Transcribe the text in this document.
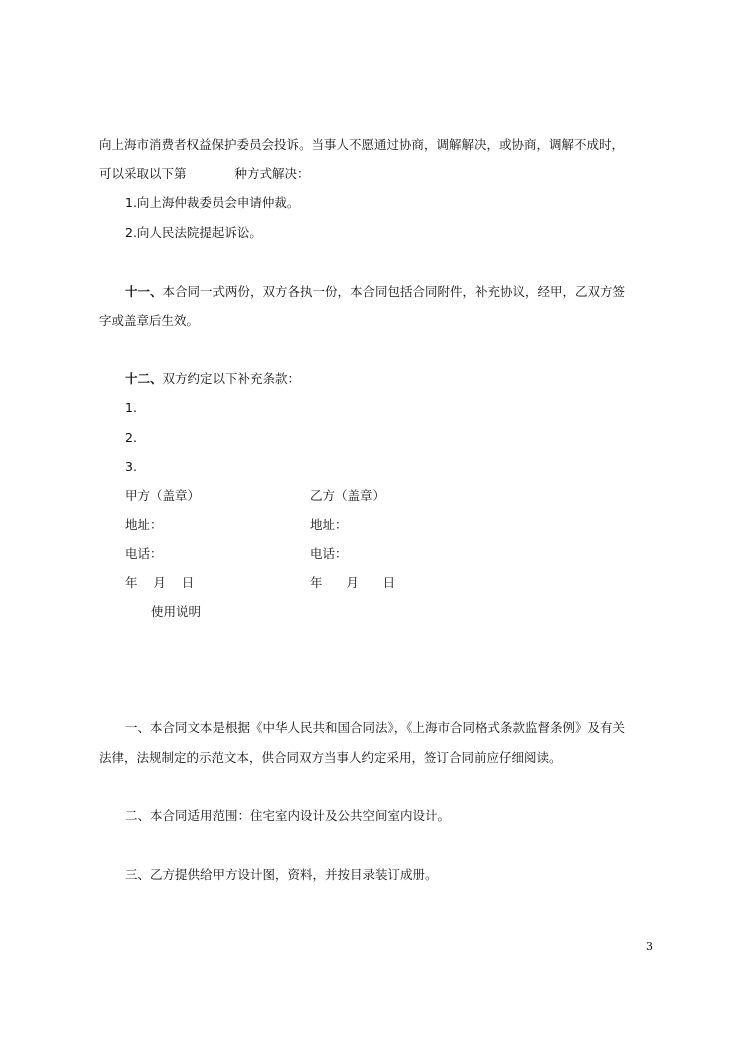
向上海市消费者权益保护委员会投诉。当事人不愿通过协商，调解解决，或协商，调解不成时，
可以采取以下第	种方式解决：
1.向上海仲裁委员会申请仲裁。
2.向人民法院提起诉讼。
十一、本合同一式两份，双方各执一份，本合同包括合同附件，补充协议，经甲，乙双方签
字或盖章后生效。
十二、双方约定以下补充条款：
1.
2.
3.
甲方（盖章）	乙方（盖章）
地址：	地址：
电话：	电话：
年    月    日	年      月      日
使用说明
一、本合同文本是根据《中华人民共和国合同法》，《上海市合同格式条款监督条例》及有关
法律，法规制定的示范文本，供合同双方当事人约定采用，签订合同前应仔细阅读。
二、本合同适用范围：住宅室内设计及公共空间室内设计。
三、乙方提供给甲方设计图，资料，并按目录装订成册。
3
